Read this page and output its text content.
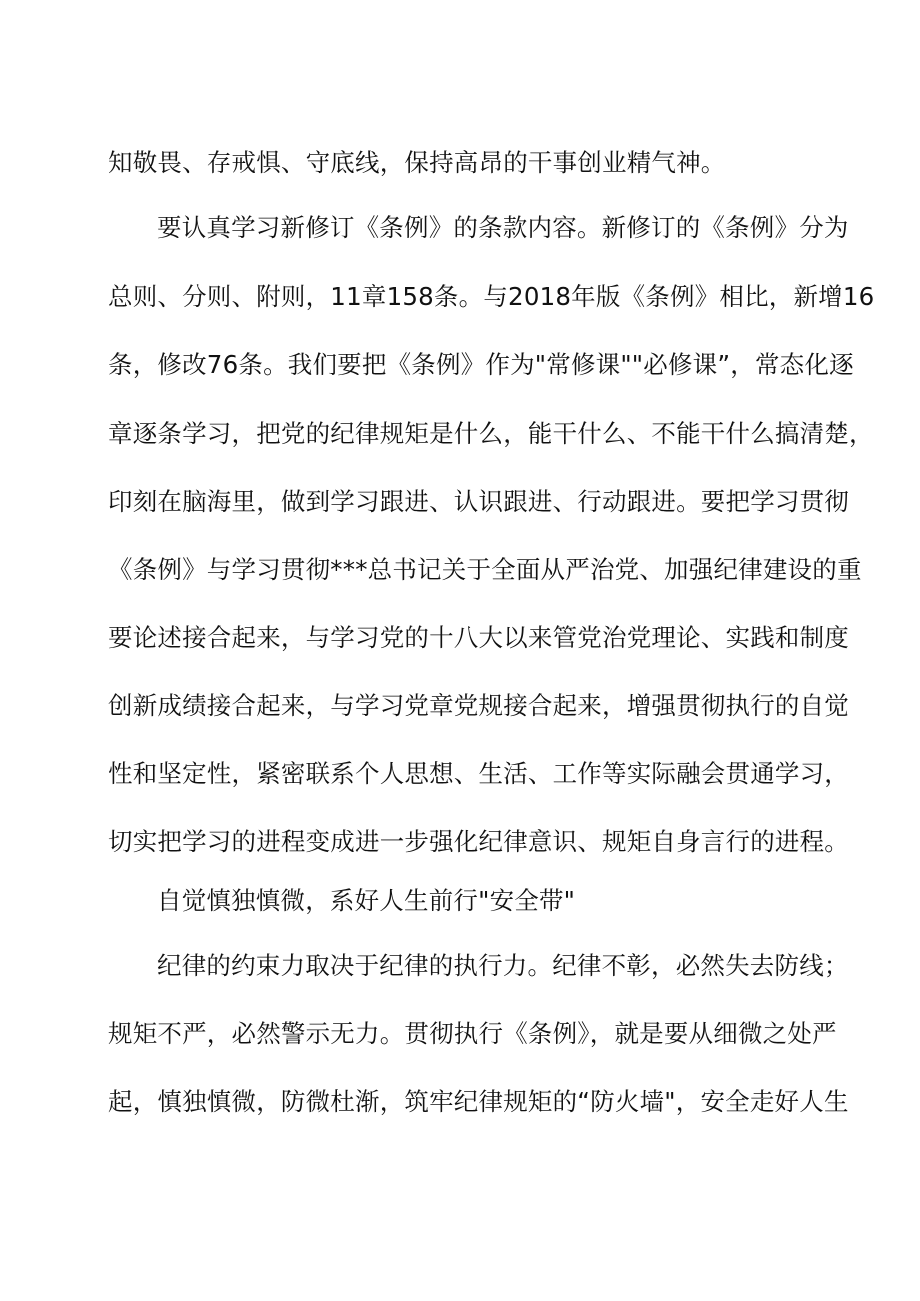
知敬畏、存戒惧、守底线，保持高昂的干事创业精气神。
要认真学习新修订《条例》的条款内容。新修订的《条例》分为
总则、分则、附则，11章158条。与2018年版《条例》相比，新增16
条，修改76条。我们要把《条例》作为"常修课""必修课”，常态化逐
章逐条学习，把党的纪律规矩是什么，能干什么、不能干什么搞清楚，
印刻在脑海里，做到学习跟进、认识跟进、行动跟进。要把学习贯彻
《条例》与学习贯彻***总书记关于全面从严治党、加强纪律建设的重
要论述接合起来，与学习党的十八大以来管党治党理论、实践和制度
创新成绩接合起来，与学习党章党规接合起来，增强贯彻执行的自觉
性和坚定性，紧密联系个人思想、生活、工作等实际融会贯通学习，
切实把学习的进程变成进一步强化纪律意识、规矩自身言行的进程。
自觉慎独慎微，系好人生前行"安全带"
纪律的约束力取决于纪律的执行力。纪律不彰，必然失去防线；
规矩不严，必然警示无力。贯彻执行《条例》，就是要从细微之处严
起，慎独慎微，防微杜渐，筑牢纪律规矩的“防火墙"，安全走好人生
